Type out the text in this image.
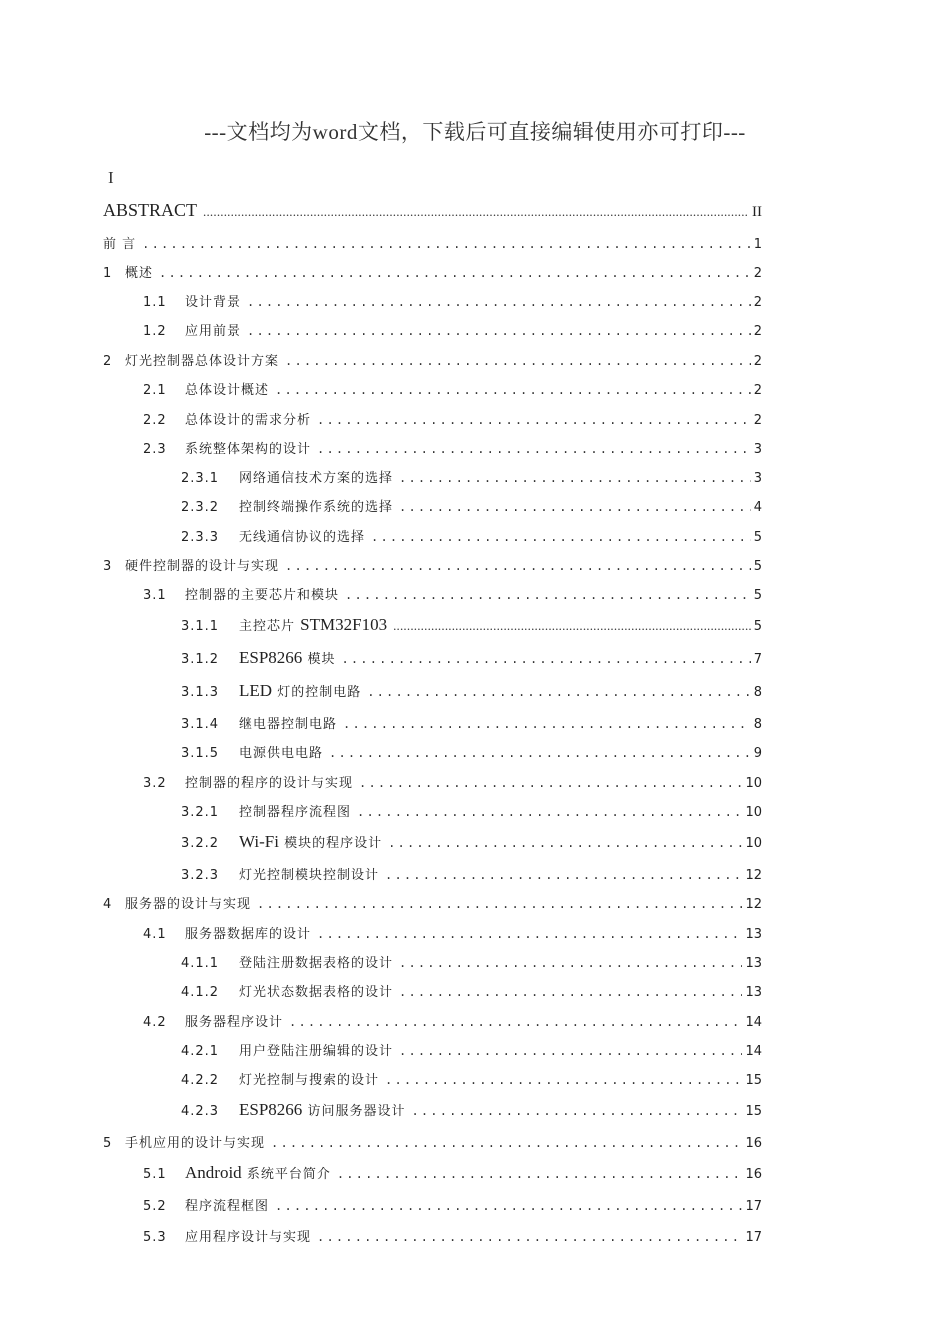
---文档均为word文档，下载后可直接编辑使用亦可打印---
I
ABSTRACT .....	II
前 言 .....	1
1 概述 .....	2
1.1	设计背景 .....	2
1.2	应用前景 .....	2
2 灯光控制器总体设计方案 .....	2
2.1	总体设计概述 .....	2
2.2	总体设计的需求分析 .....	2
2.3	系统整体架构的设计 .....	3
2.3.1	网络通信技术方案的选择 .....	3
2.3.2	控制终端操作系统的选择 .....	4
2.3.3	无线通信协议的选择 .....	5
3 硬件控制器的设计与实现 .....	5
3.1	控制器的主要芯片和模块 .....	5
3.1.1	主控芯片 STM32F103 .....	5
3.1.2	ESP8266 模块 .....	7
3.1.3	LED 灯的控制电路 .....	8
3.1.4	继电器控制电路 .....	8
3.1.5	电源供电电路 .....	9
3.2	控制器的程序的设计与实现 .....	10
3.2.1	控制器程序流程图 .....	10
3.2.2	Wi-Fi 模块的程序设计 .....	10
3.2.3	灯光控制模块控制设计 .....	12
4 服务器的设计与实现 .....	12
4.1	服务器数据库的设计 .....	13
4.1.1	登陆注册数据表格的设计 .....	13
4.1.2	灯光状态数据表格的设计 .....	13
4.2	服务器程序设计 .....	14
4.2.1	用户登陆注册编辑的设计 .....	14
4.2.2	灯光控制与搜索的设计 .....	15
4.2.3	ESP8266 访问服务器设计 .....	15
5 手机应用的设计与实现 .....	16
5.1	Android 系统平台简介 .....	16
5.2	程序流程框图 .....	17
5.3	应用程序设计与实现 .....	17
